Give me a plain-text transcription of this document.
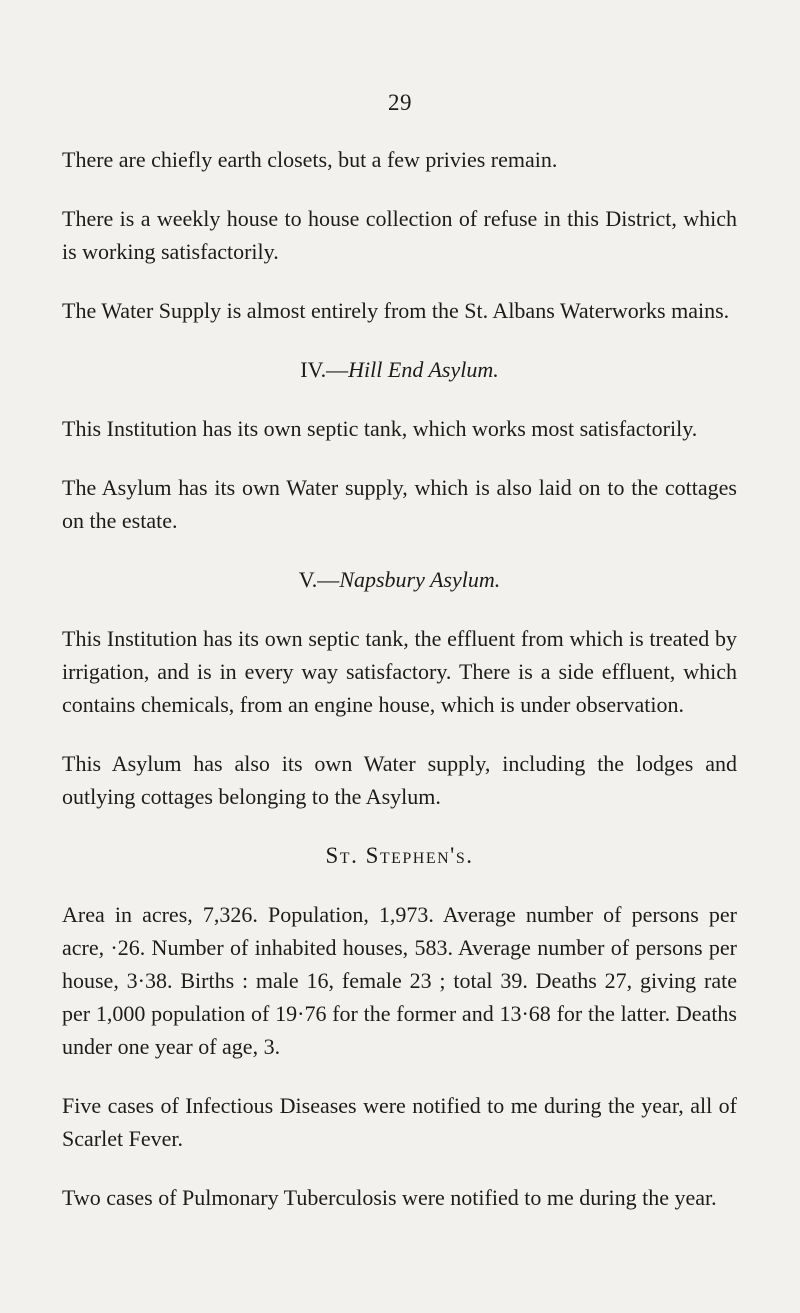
29

There are chiefly earth closets, but a few privies remain.

There is a weekly house to house collection of refuse in this District, which is working satisfactorily.

The Water Supply is almost entirely from the St. Albans Waterworks mains.

IV.—Hill End Asylum.

This Institution has its own septic tank, which works most satisfactorily.

The Asylum has its own Water supply, which is also laid on to the cottages on the estate.

V.—Napsbury Asylum.

This Institution has its own septic tank, the effluent from which is treated by irrigation, and is in every way satisfactory. There is a side effluent, which contains chemicals, from an engine house, which is under observation.

This Asylum has also its own Water supply, including the lodges and outlying cottages belonging to the Asylum.

St. Stephen's.

Area in acres, 7,326. Population, 1,973. Average number of persons per acre, ·26. Number of inhabited houses, 583. Average number of persons per house, 3·38. Births : male 16, female 23 ; total 39. Deaths 27, giving rate per 1,000 population of 19·76 for the former and 13·68 for the latter. Deaths under one year of age, 3.

Five cases of Infectious Diseases were notified to me during the year, all of Scarlet Fever.

Two cases of Pulmonary Tuberculosis were notified to me during the year.
